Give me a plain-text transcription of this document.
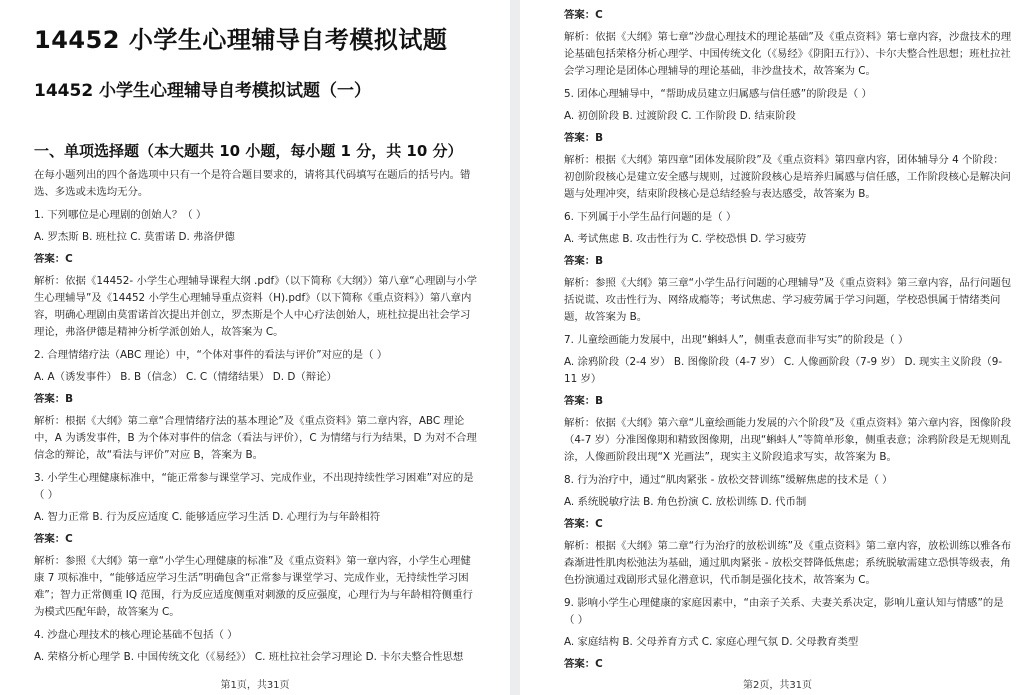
14452 小学生心理辅导自考模拟试题
14452 小学生心理辅导自考模拟试题（一）
一、单项选择题（本大题共 10 小题，每小题 1 分，共 10 分）

在每小题列出的四个备选项中只有一个是符合题目要求的，请将其代码填写在题后的括号内。错选、多选或未选均无分。

1. 下列哪位是心理剧的创始人？（ ）

A. 罗杰斯 B. 班杜拉 C. 莫雷诺 D. 弗洛伊德

答案：C

解析：依据《14452- 小学生心理辅导课程大纲 .pdf》（以下简称《大纲》）第八章“心理剧与小学生心理辅导”及《14452 小学生心理辅导重点资料（H).pdf》（以下简称《重点资料》）第八章内容，明确心理剧由莫雷诺首次提出并创立，罗杰斯是个人中心疗法创始人，班杜拉提出社会学习理论，弗洛伊德是精神分析学派创始人，故答案为 C。

2. 合理情绪疗法（ABC 理论）中，“个体对事件的看法与评价”对应的是（ ）

A. A（诱发事件） B. B（信念） C. C（情绪结果） D. D（辩论）

答案：B

解析：根据《大纲》第二章“合理情绪疗法的基本理论”及《重点资料》第二章内容，ABC 理论中，A 为诱发事件，B 为个体对事件的信念（看法与评价），C 为情绪与行为结果，D 为对不合理信念的辩论，故“看法与评价”对应 B，答案为 B。

3. 小学生心理健康标准中，“能正常参与课堂学习、完成作业，不出现持续性学习困难”对应的是（ ）

A. 智力正常 B. 行为反应适度 C. 能够适应学习生活 D. 心理行为与年龄相符

答案：C

解析：参照《大纲》第一章“小学生心理健康的标准”及《重点资料》第一章内容，小学生心理健康 7 项标准中，“能够适应学习生活”明确包含“正常参与课堂学习、完成作业，无持续性学习困难”；智力正常侧重 IQ 范围，行为反应适度侧重对刺激的反应强度，心理行为与年龄相符侧重行为模式匹配年龄，故答案为 C。

4. 沙盘心理技术的核心理论基础不包括（ ）

A. 荣格分析心理学 B. 中国传统文化（《易经》） C. 班杜拉社会学习理论 D. 卡尔夫整合性思想

第1页，共31页

答案：C

解析：依据《大纲》第七章“沙盘心理技术的理论基础”及《重点资料》第七章内容，沙盘技术的理论基础包括荣格分析心理学、中国传统文化（《易经》《阴阳五行》）、卡尔夫整合性思想；班杜拉社会学习理论是团体心理辅导的理论基础，非沙盘技术，故答案为 C。

5. 团体心理辅导中，“帮助成员建立归属感与信任感”的阶段是（ ）

A. 初创阶段 B. 过渡阶段 C. 工作阶段 D. 结束阶段

答案：B

解析：根据《大纲》第四章“团体发展阶段”及《重点资料》第四章内容，团体辅导分 4 个阶段：初创阶段核心是建立安全感与规则，过渡阶段核心是培养归属感与信任感，工作阶段核心是解决问题与处理冲突，结束阶段核心是总结经验与表达感受，故答案为 B。

6. 下列属于小学生品行问题的是（ ）

A. 考试焦虑 B. 攻击性行为 C. 学校恐惧 D. 学习疲劳

答案：B

解析：参照《大纲》第三章“小学生品行问题的心理辅导”及《重点资料》第三章内容，品行问题包括说谎、攻击性行为、网络成瘾等；考试焦虑、学习疲劳属于学习问题，学校恐惧属于情绪类问题，故答案为 B。

7. 儿童绘画能力发展中，出现“蝌蚪人”，侧重表意而非写实”的阶段是（ ）

A. 涂鸦阶段（2-4 岁） B. 图像阶段（4-7 岁） C. 人像画阶段（7-9 岁） D. 现实主义阶段（9-11 岁）

答案：B

解析：依据《大纲》第六章“儿童绘画能力发展的六个阶段”及《重点资料》第六章内容，图像阶段（4-7 岁）分准图像期和精致图像期，出现“蝌蚪人”等简单形象，侧重表意；涂鸦阶段是无规则乱涂，人像画阶段出现“X 光画法”，现实主义阶段追求写实，故答案为 B。

8. 行为治疗中，通过“肌肉紧张 - 放松交替训练”缓解焦虑的技术是（ ）

A. 系统脱敏疗法 B. 角色扮演 C. 放松训练 D. 代币制

答案：C

解析：根据《大纲》第二章“行为治疗的放松训练”及《重点资料》第二章内容，放松训练以雅各布森渐进性肌肉松弛法为基础，通过肌肉紧张 - 放松交替降低焦虑；系统脱敏需建立恐惧等级表，角色扮演通过戏剧形式显化潜意识，代币制是强化技术，故答案为 C。

9. 影响小学生心理健康的家庭因素中，“由亲子关系、夫妻关系决定，影响儿童认知与情感”的是（ ）

A. 家庭结构 B. 父母养育方式 C. 家庭心理气氛 D. 父母教育类型

答案：C

第2页，共31页
